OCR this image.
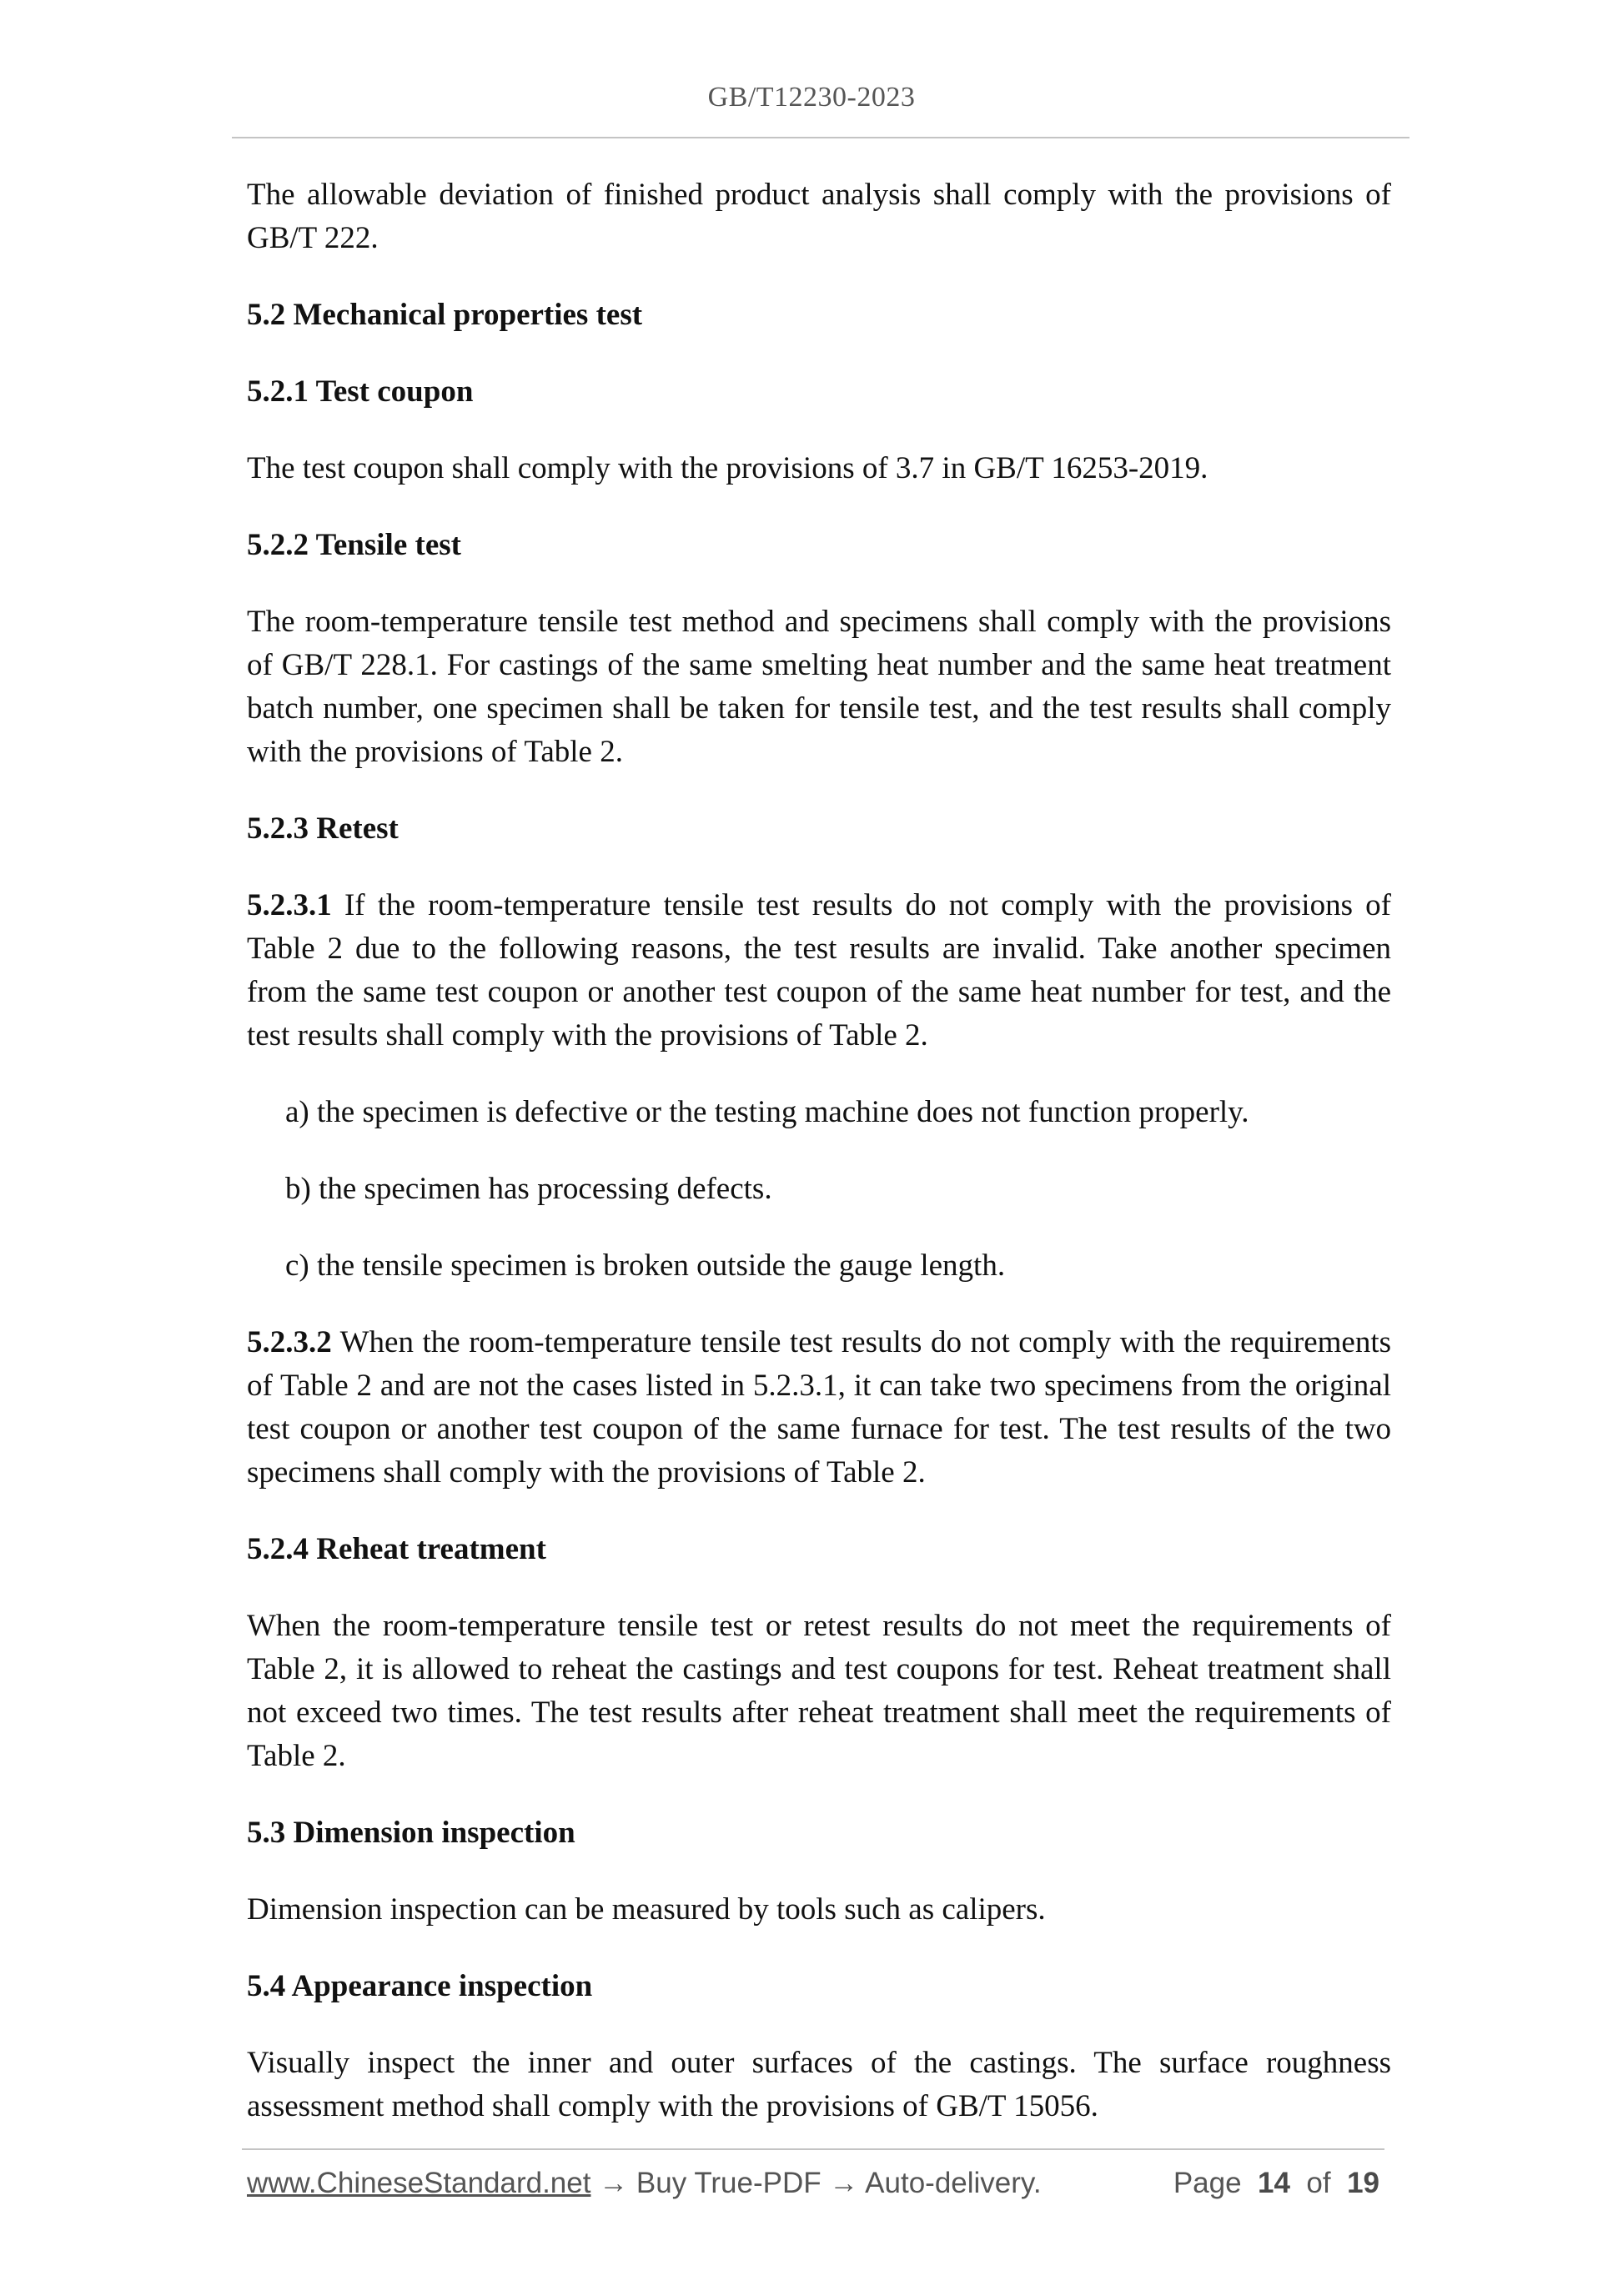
GB/T12230-2023

The allowable deviation of finished product analysis shall comply with the provisions of GB/T 222.

5.2 Mechanical properties test
5.2.1 Test coupon

The test coupon shall comply with the provisions of 3.7 in GB/T 16253-2019.

5.2.2 Tensile test

The room-temperature tensile test method and specimens shall comply with the provisions of GB/T 228.1. For castings of the same smelting heat number and the same heat treatment batch number, one specimen shall be taken for tensile test, and the test results shall comply with the provisions of Table 2.

5.2.3 Retest

5.2.3.1 If the room-temperature tensile test results do not comply with the provisions of Table 2 due to the following reasons, the test results are invalid. Take another specimen from the same test coupon or another test coupon of the same heat number for test, and the test results shall comply with the provisions of Table 2.

a) the specimen is defective or the testing machine does not function properly.

b) the specimen has processing defects.

c) the tensile specimen is broken outside the gauge length.

5.2.3.2 When the room-temperature tensile test results do not comply with the requirements of Table 2 and are not the cases listed in 5.2.3.1, it can take two specimens from the original test coupon or another test coupon of the same furnace for test. The test results of the two specimens shall comply with the provisions of Table 2.

5.2.4 Reheat treatment

When the room-temperature tensile test or retest results do not meet the requirements of Table 2, it is allowed to reheat the castings and test coupons for test. Reheat treatment shall not exceed two times. The test results after reheat treatment shall meet the requirements of Table 2.

5.3 Dimension inspection

Dimension inspection can be measured by tools such as calipers.

5.4 Appearance inspection

Visually inspect the inner and outer surfaces of the castings. The surface roughness assessment method shall comply with the provisions of GB/T 15056.

www.ChineseStandard.net → Buy True-PDF → Auto-delivery.	Page 14 of 19
